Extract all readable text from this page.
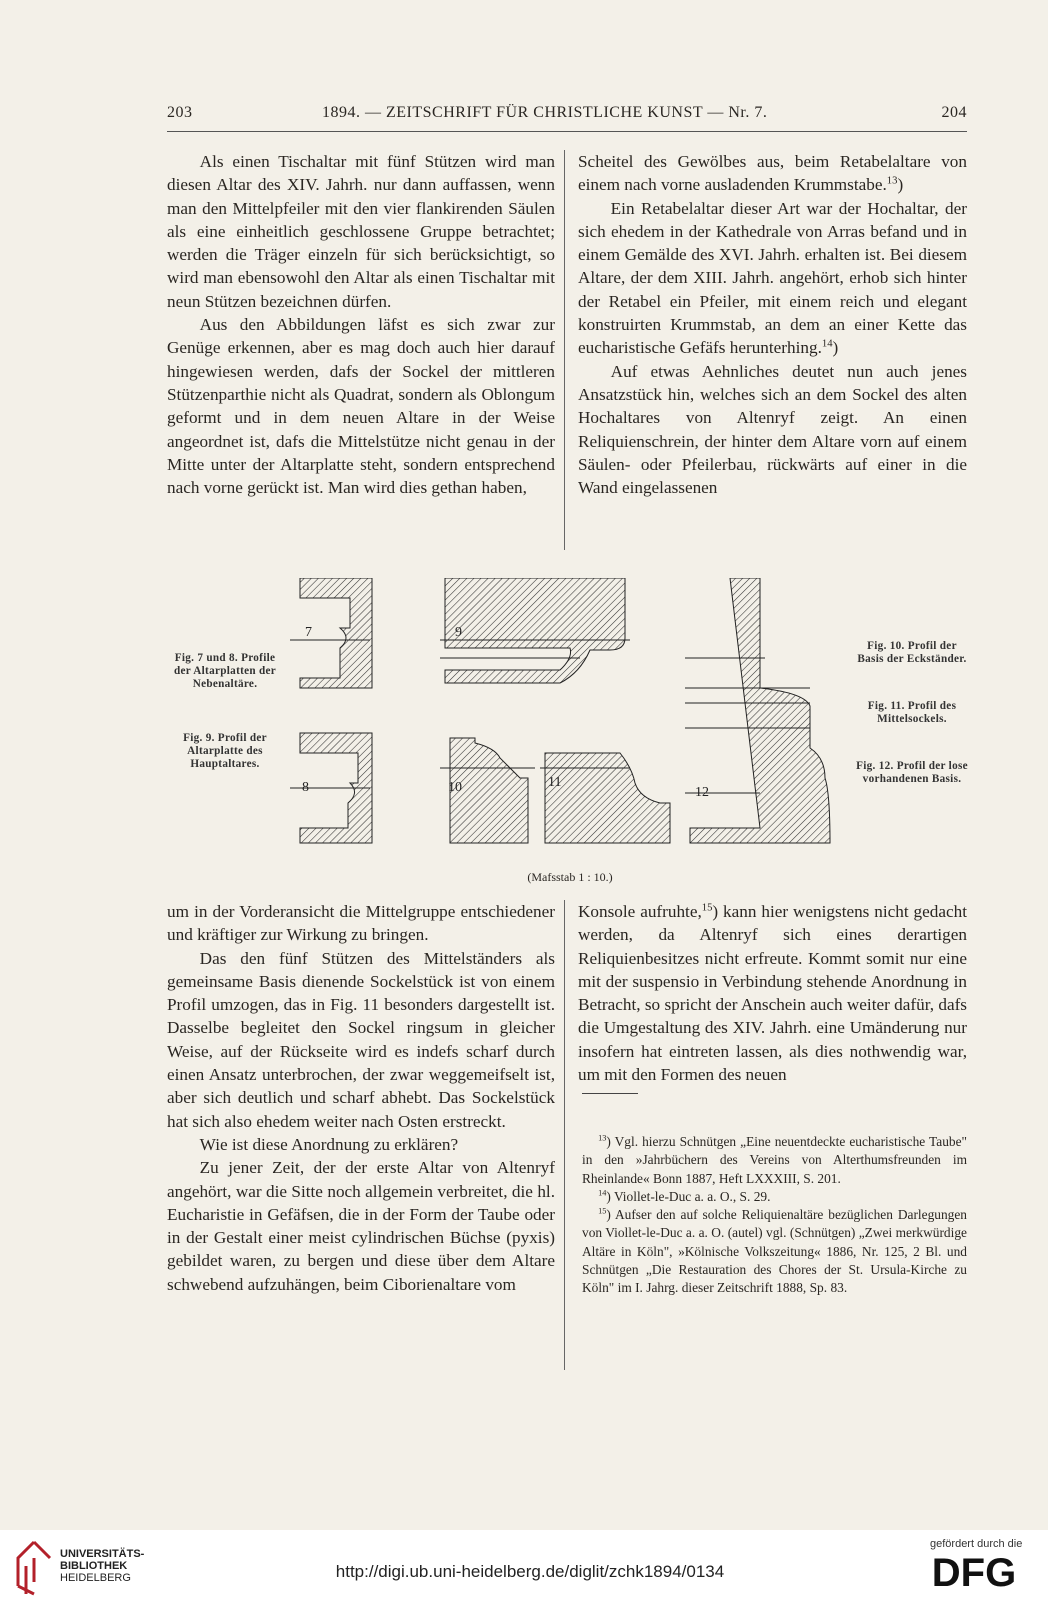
203	1894. — ZEITSCHRIFT FÜR CHRISTLICHE KUNST — Nr. 7.	204

Als einen Tischaltar mit fünf Stützen wird man diesen Altar des XIV. Jahrh. nur dann auffassen, wenn man den Mittelpfeiler mit den vier flankirenden Säulen als eine einheitlich geschlossene Gruppe betrachtet; werden die Träger einzeln für sich berücksichtigt, so wird man ebensowohl den Altar als einen Tischaltar mit neun Stützen bezeichnen dürfen.

Aus den Abbildungen läfst es sich zwar zur Genüge erkennen, aber es mag doch auch hier darauf hingewiesen werden, dafs der Sockel der mittleren Stützenparthie nicht als Quadrat, sondern als Oblongum geformt und in dem neuen Altare in der Weise angeordnet ist, dafs die Mittelstütze nicht genau in der Mitte unter der Altarplatte steht, sondern entsprechend nach vorne gerückt ist. Man wird dies gethan haben,

Scheitel des Gewölbes aus, beim Retabelaltare von einem nach vorne ausladenden Krummstabe.$^{13}$)

Ein Retabelaltar dieser Art war der Hochaltar, der sich ehedem in der Kathedrale von Arras befand und in einem Gemälde des XVI. Jahrh. erhalten ist. Bei diesem Altare, der dem XIII. Jahrh. angehört, erhob sich hinter der Retabel ein Pfeiler, mit einem reich und elegant konstruirten Krummstab, an dem an einer Kette das eucharistische Gefäfs herunterhing.$^{14}$)

Auf etwas Aehnliches deutet nun auch jenes Ansatzstück hin, welches sich an dem Sockel des alten Hochaltares von Altenryf zeigt. An einen Reliquienschrein, der hinter dem Altare vorn auf einem Säulen- oder Pfeilerbau, rückwärts auf einer in die Wand eingelassenen

Fig. 7 und 8. Profile der Altarplatten der Nebenaltäre.
Fig. 9. Profil der Altarplatte des Hauptaltares.
Fig. 10. Profil der Basis der Eckständer.
Fig. 11. Profil des Mittelsockels.
Fig. 12. Profil der lose vorhandenen Basis.
7
8
9
10	11
12
(Mafsstab 1 : 10.)

um in der Vorderansicht die Mittelgruppe entschiedener und kräftiger zur Wirkung zu bringen.

Das den fünf Stützen des Mittelständers als gemeinsame Basis dienende Sockelstück ist von einem Profil umzogen, das in Fig. 11 besonders dargestellt ist. Dasselbe begleitet den Sockel ringsum in gleicher Weise, auf der Rückseite wird es indefs scharf durch einen Ansatz unterbrochen, der zwar weggemeifselt ist, aber sich deutlich und scharf abhebt. Das Sockelstück hat sich also ehedem weiter nach Osten erstreckt.

Wie ist diese Anordnung zu erklären?

Zu jener Zeit, der der erste Altar von Altenryf angehört, war die Sitte noch allgemein verbreitet, die hl. Eucharistie in Gefäfsen, die in der Form der Taube oder in der Gestalt einer meist cylindrischen Büchse (pyxis) gebildet waren, zu bergen und diese über dem Altare schwebend aufzuhängen, beim Ciborienaltare vom

Konsole aufruhte,$^{15}$) kann hier wenigstens nicht gedacht werden, da Altenryf sich eines derartigen Reliquienbesitzes nicht erfreute. Kommt somit nur eine mit der suspensio in Verbindung stehende Anordnung in Betracht, so spricht der Anschein auch weiter dafür, dafs die Umgestaltung des XIV. Jahrh. eine Umänderung nur insofern hat eintreten lassen, als dies nothwendig war, um mit den Formen des neuen

$^{13}$) Vgl. hierzu Schnütgen „Eine neuentdeckte eucharistische Taube" in den »Jahrbüchern des Vereins von Alterthumsfreunden im Rheinlande« Bonn 1887, Heft LXXXIII, S. 201.

$^{14}$) Viollet-le-Duc a. a. O., S. 29.

$^{15}$) Aufser den auf solche Reliquienaltäre bezüglichen Darlegungen von Viollet-le-Duc a. a. O. (autel) vgl. (Schnütgen) „Zwei merkwürdige Altäre in Köln", »Kölnische Volkszeitung« 1886, Nr. 125, 2 Bl. und Schnütgen „Die Restauration des Chores der St. Ursula-Kirche zu Köln" im I. Jahrg. dieser Zeitschrift 1888, Sp. 83.

UNIVERSITÄTS-
BIBLIOTHEK
HEIDELBERG	http://digi.ub.uni-heidelberg.de/diglit/zchk1894/0134
gefördert durch die
DFG
